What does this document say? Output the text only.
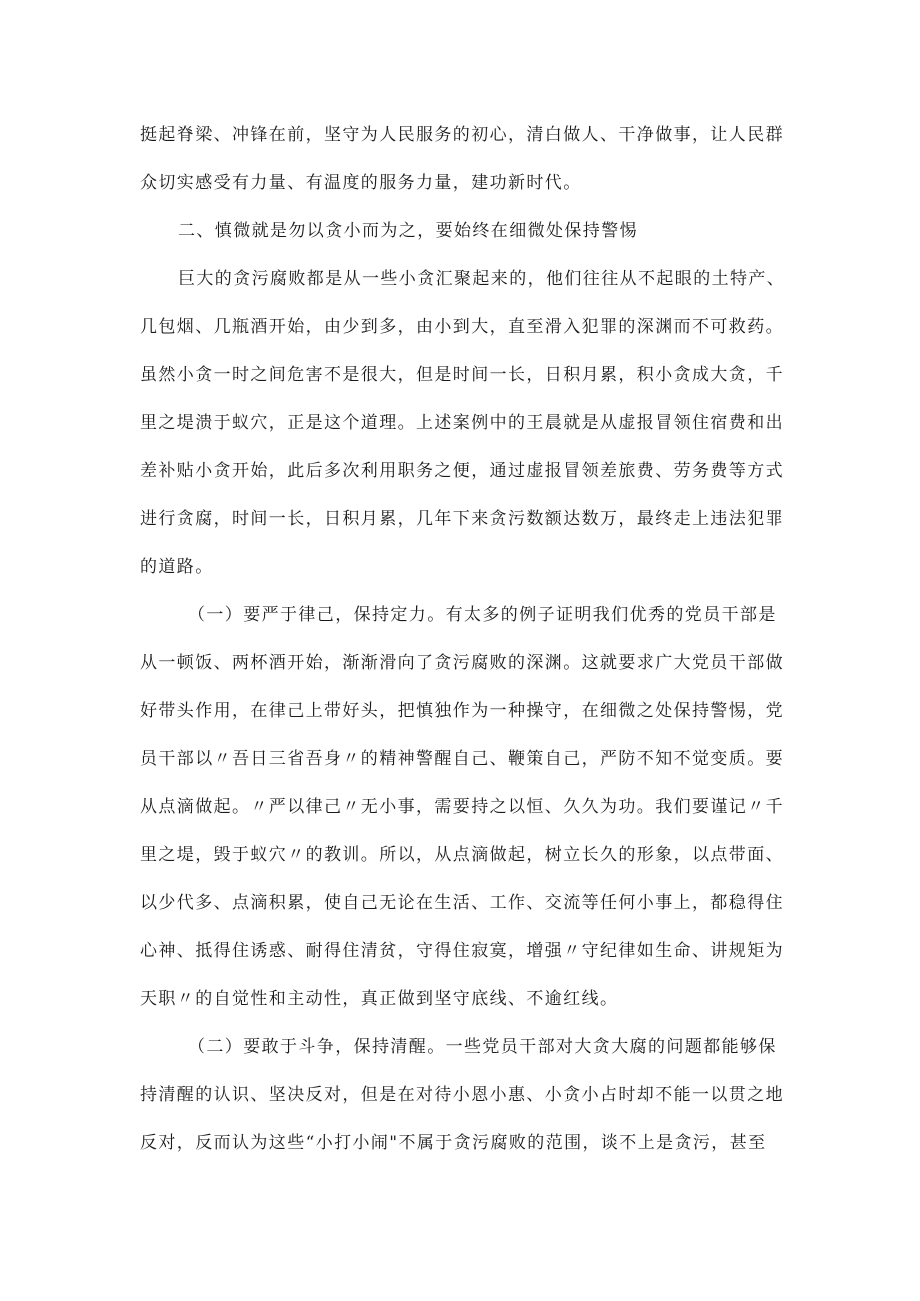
挺起脊梁、冲锋在前，坚守为人民服务的初心，清白做人、干净做事，让人民群
众切实感受有力量、有温度的服务力量，建功新时代。
二、慎微就是勿以贪小而为之，要始终在细微处保持警惕
巨大的贪污腐败都是从一些小贪汇聚起来的，他们往往从不起眼的土特产、
几包烟、几瓶酒开始，由少到多，由小到大，直至滑入犯罪的深渊而不可救药。
虽然小贪一时之间危害不是很大，但是时间一长，日积月累，积小贪成大贪，千
里之堤溃于蚁穴，正是这个道理。上述案例中的王晨就是从虚报冒领住宿费和出
差补贴小贪开始，此后多次利用职务之便，通过虚报冒领差旅费、劳务费等方式
进行贪腐，时间一长，日积月累，几年下来贪污数额达数万，最终走上违法犯罪
的道路。
（一）要严于律己，保持定力。有太多的例子证明我们优秀的党员干部是
从一顿饭、两杯酒开始，渐渐滑向了贪污腐败的深渊。这就要求广大党员干部做
好带头作用，在律己上带好头，把慎独作为一种操守，在细微之处保持警惕，党
员干部以〃吾日三省吾身〃的精神警醒自己、鞭策自己，严防不知不觉变质。要
从点滴做起。〃严以律己〃无小事，需要持之以恒、久久为功。我们要谨记〃千
里之堤，毁于蚁穴〃的教训。所以，从点滴做起，树立长久的形象，以点带面、
以少代多、点滴积累，使自己无论在生活、工作、交流等任何小事上，都稳得住
心神、抵得住诱惑、耐得住清贫，守得住寂寞，增强〃守纪律如生命、讲规矩为
天职〃的自觉性和主动性，真正做到坚守底线、不逾红线。
（二）要敢于斗争，保持清醒。一些党员干部对大贪大腐的问题都能够保
持清醒的认识、坚决反对，但是在对待小恩小惠、小贪小占时却不能一以贯之地
反对，反而认为这些“小打小闹"不属于贪污腐败的范围，谈不上是贪污，甚至
